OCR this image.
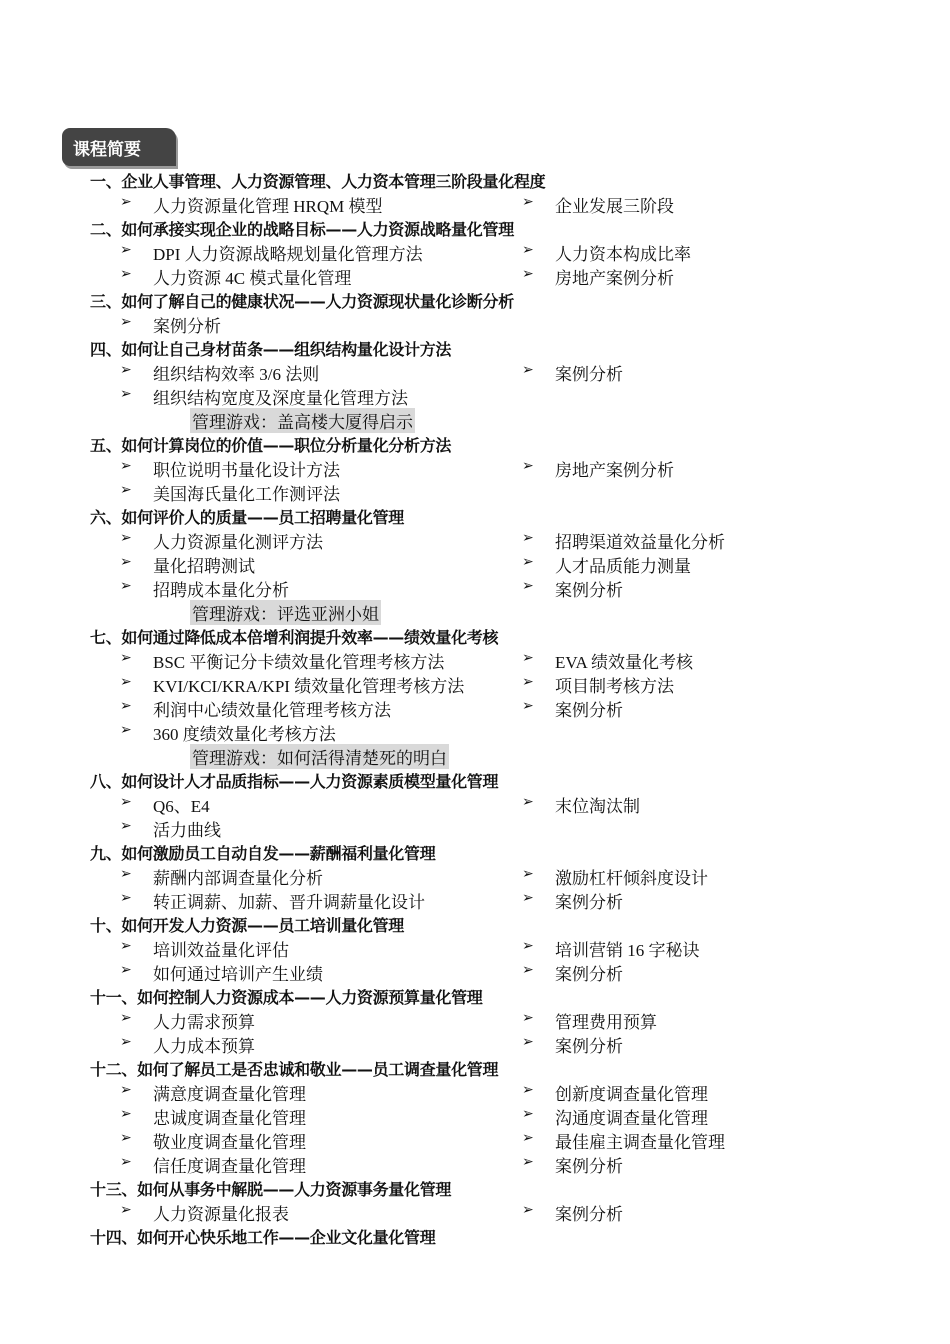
课程简要
一、企业人事管理、人力资源管理、人力资本管理三阶段量化程度
➢ 人力资源量化管理 HRQM 模型	➢ 企业发展三阶段
二、如何承接实现企业的战略目标——人力资源战略量化管理
➢ DPI 人力资源战略规划量化管理方法	➢ 人力资本构成比率
➢ 人力资源 4C 模式量化管理	➢ 房地产案例分析
三、如何了解自己的健康状况——人力资源现状量化诊断分析
➢ 案例分析
四、如何让自己身材苗条——组织结构量化设计方法
➢ 组织结构效率 3/6 法则	➢ 案例分析
➢ 组织结构宽度及深度量化管理方法
管理游戏：盖高楼大厦得启示
五、如何计算岗位的价值——职位分析量化分析方法
➢ 职位说明书量化设计方法	➢ 房地产案例分析
➢ 美国海氏量化工作测评法
六、如何评价人的质量——员工招聘量化管理
➢ 人力资源量化测评方法	➢ 招聘渠道效益量化分析
➢ 量化招聘测试	➢ 人才品质能力测量
➢ 招聘成本量化分析	➢ 案例分析
管理游戏：评选亚洲小姐
七、如何通过降低成本倍增利润提升效率——绩效量化考核
➢ BSC 平衡记分卡绩效量化管理考核方法	➢ EVA 绩效量化考核
➢ KVI/KCI/KRA/KPI 绩效量化管理考核方法	➢ 项目制考核方法
➢ 利润中心绩效量化管理考核方法	➢ 案例分析
➢ 360 度绩效量化考核方法
管理游戏：如何活得清楚死的明白
八、如何设计人才品质指标——人力资源素质模型量化管理
➢ Q6、E4	➢ 末位淘汰制
➢ 活力曲线
九、如何激励员工自动自发——薪酬福利量化管理
➢ 薪酬内部调查量化分析	➢ 激励杠杆倾斜度设计
➢ 转正调薪、加薪、晋升调薪量化设计	➢ 案例分析
十、如何开发人力资源——员工培训量化管理
➢ 培训效益量化评估	➢ 培训营销 16 字秘诀
➢ 如何通过培训产生业绩	➢ 案例分析
十一、如何控制人力资源成本——人力资源预算量化管理
➢ 人力需求预算	➢ 管理费用预算
➢ 人力成本预算	➢ 案例分析
十二、如何了解员工是否忠诚和敬业——员工调查量化管理
➢ 满意度调查量化管理	➢ 创新度调查量化管理
➢ 忠诚度调查量化管理	➢ 沟通度调查量化管理
➢ 敬业度调查量化管理	➢ 最佳雇主调查量化管理
➢ 信任度调查量化管理	➢ 案例分析
十三、如何从事务中解脱——人力资源事务量化管理
➢ 人力资源量化报表	➢ 案例分析
十四、如何开心快乐地工作——企业文化量化管理
